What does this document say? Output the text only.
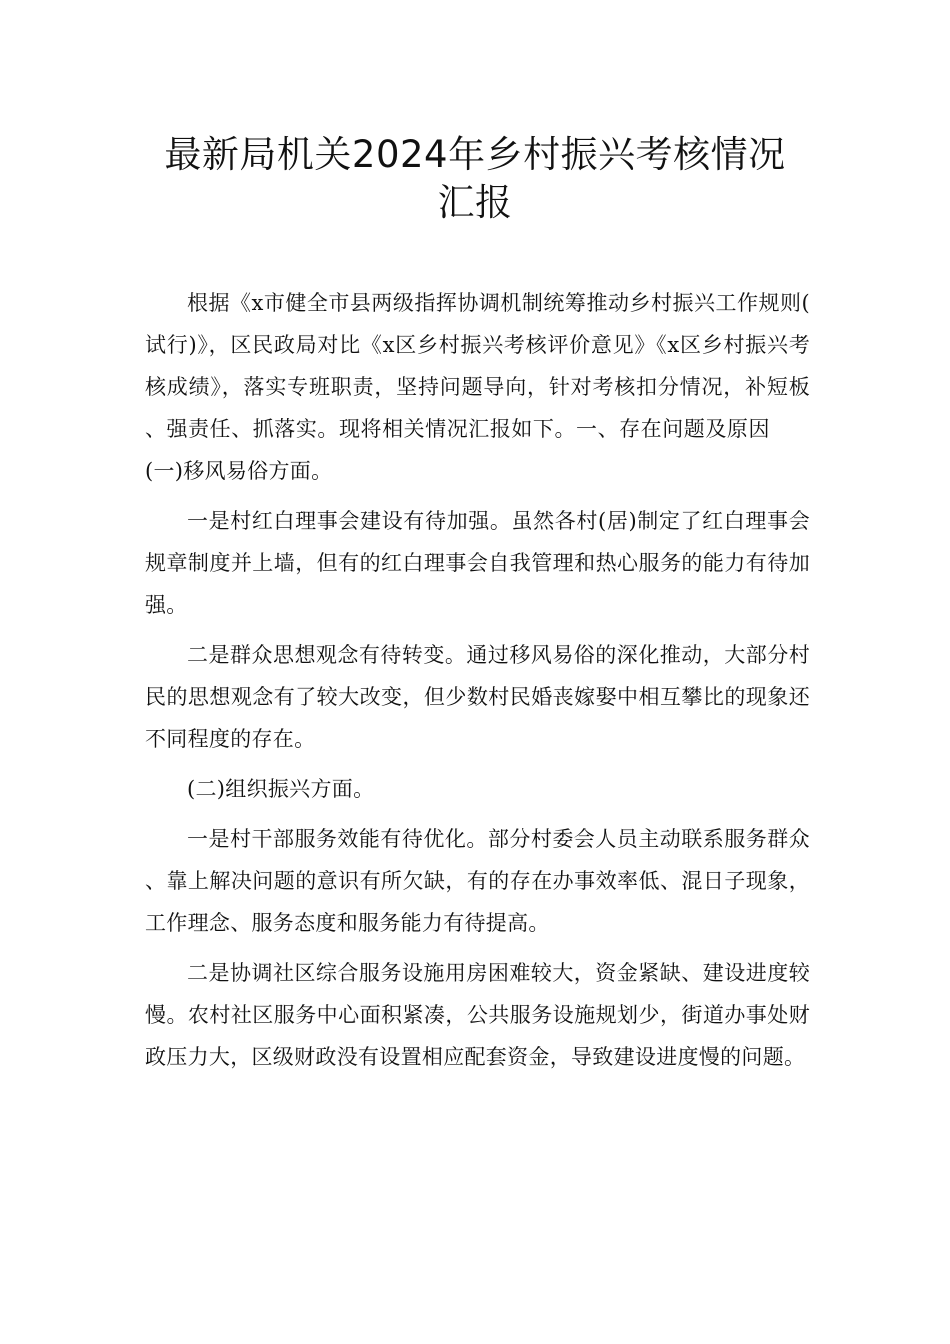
最新局机关2024年乡村振兴考核情况
汇报

根据《x市健全市县两级指挥协调机制统筹推动乡村振兴工作规则(试行)》，区民政局对比《x区乡村振兴考核评价意见》《x区乡村振兴考核成绩》，落实专班职责，坚持问题导向，针对考核扣分情况，补短板、强责任、抓落实。现将相关情况汇报如下。一、存在问题及原因(一)移风易俗方面。

一是村红白理事会建设有待加强。虽然各村(居)制定了红白理事会规章制度并上墙，但有的红白理事会自我管理和热心服务的能力有待加强。

二是群众思想观念有待转变。通过移风易俗的深化推动，大部分村民的思想观念有了较大改变，但少数村民婚丧嫁娶中相互攀比的现象还不同程度的存在。

(二)组织振兴方面。

一是村干部服务效能有待优化。部分村委会人员主动联系服务群众、靠上解决问题的意识有所欠缺，有的存在办事效率低、混日子现象，工作理念、服务态度和服务能力有待提高。

二是协调社区综合服务设施用房困难较大，资金紧缺、建设进度较慢。农村社区服务中心面积紧凑，公共服务设施规划少，街道办事处财政压力大，区级财政没有设置相应配套资金，导致建设进度慢的问题。
